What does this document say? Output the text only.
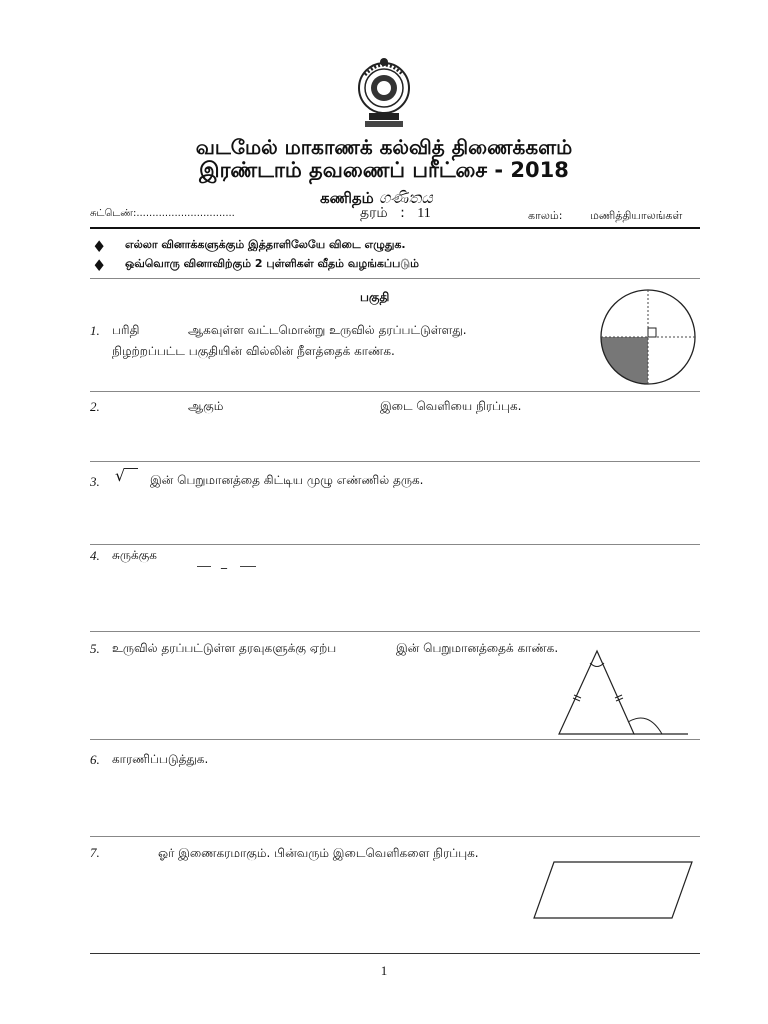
வடமேல் மாகாணக் கல்வித் திணைக்களம்
இரண்டாம் தவணைப் பரீட்சை - 2018
கணிதம் ගණිතය
சுட்டெண்:...............................	தரம் : 11	காலம்:	மணித்தியாலங்கள்
♦ எல்லா வினாக்களுக்கும் இத்தாளிலேயே விடை எழுதுக.
♦ ஒவ்வொரு வினாவிற்கும் 2 புள்ளிகள் வீதம் வழங்கப்படும்
பகுதி
1. பரிதி	ஆகவுள்ள வட்டமொன்று உருவில் தரப்பட்டுள்ளது.
நிழற்றப்பட்ட பகுதியின் வில்லின் நீளத்தைக் காண்க.
2.	ஆகும்	இடை வெளியை நிரப்புக.
3. √ இன் பெறுமானத்தை கிட்டிய முழு எண்ணில் தருக.
4. சுருக்குக	_
5. உருவில் தரப்பட்டுள்ள தரவுகளுக்கு ஏற்ப	இன் பெறுமானத்தைக் காண்க.
6. காரணிப்படுத்துக.
7.	ஓர் இணைகரமாகும். பின்வரும் இடைவெளிகளை நிரப்புக.
1
